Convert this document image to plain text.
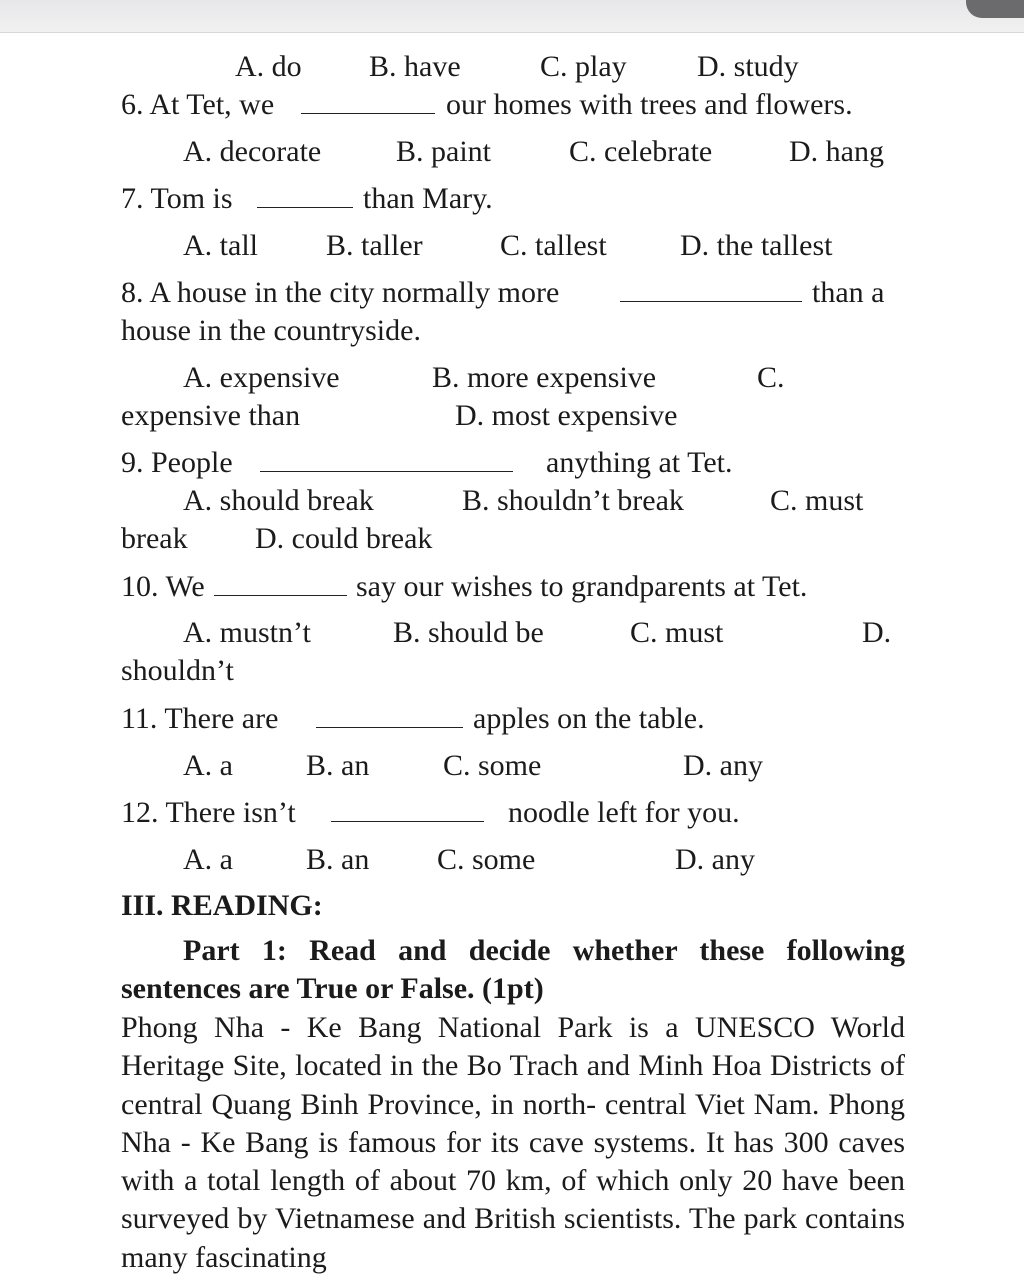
A. do B. have	C. play D. study
6. At Tet, we	our homes with trees and flowers.
A. decorate B. paint	C. celebrate	D. hang
7. Tom is	than Mary.
A. tall B. taller	C. tallest D. the tallest
8. A house in the city normally more	than a
house in the countryside.
A. expensive	B. more expensive	C.
expensive than	D. most expensive
9. People	anything at Tet.
A. should break	B. shouldn’t break	C. must
break D. could break
10. We	say our wishes to grandparents at Tet.
A. mustn’t	B. should be	C. must	D.
shouldn’t
11. There are	apples on the table.
A. a B. an C. some	D. any
12. There isn’t	noodle left for you.
A. a B. an C. some	D. any
III. READING:
Part 1: Read and decide whether these following sentences are True or False. (1pt)
Phong Nha - Ke Bang National Park is a UNESCO World Heritage Site, located in the Bo Trach and Minh Hoa Districts of central Quang Binh Province, in north- central Viet Nam. Phong Nha - Ke Bang is famous for its cave systems. It has 300 caves with a total length of about 70 km, of which only 20 have been surveyed by Vietnamese and British scientists. The park contains many fascinating
